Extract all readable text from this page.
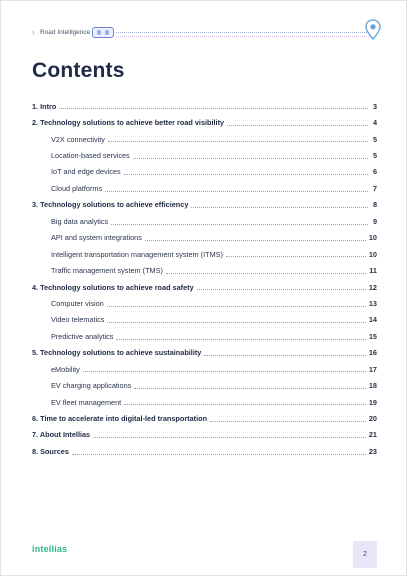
› Road Intelligence
Contents
1. Intro	3
2. Technology solutions to achieve better road visibility	4
V2X connectivity	5
Location-based services	5
IoT and edge devices	6
Cloud platforms	7
3. Technology solutions to achieve efficiency	8
Big data analytics	9
API and system integrations	10
Intelligent transportation management system (ITMS)	10
Traffic management system (TMS)	11
4. Technology solutions to achieve road safety	12
Computer vision	13
Video telematics	14
Predictive analytics	15
5. Technology solutions to achieve sustainability	16
eMobility	17
EV charging applications	18
EV fleet management	19
6. Time to accelerate into digital-led transportation	20
7. About Intellias	21
8. Sources	23
intellias
2
